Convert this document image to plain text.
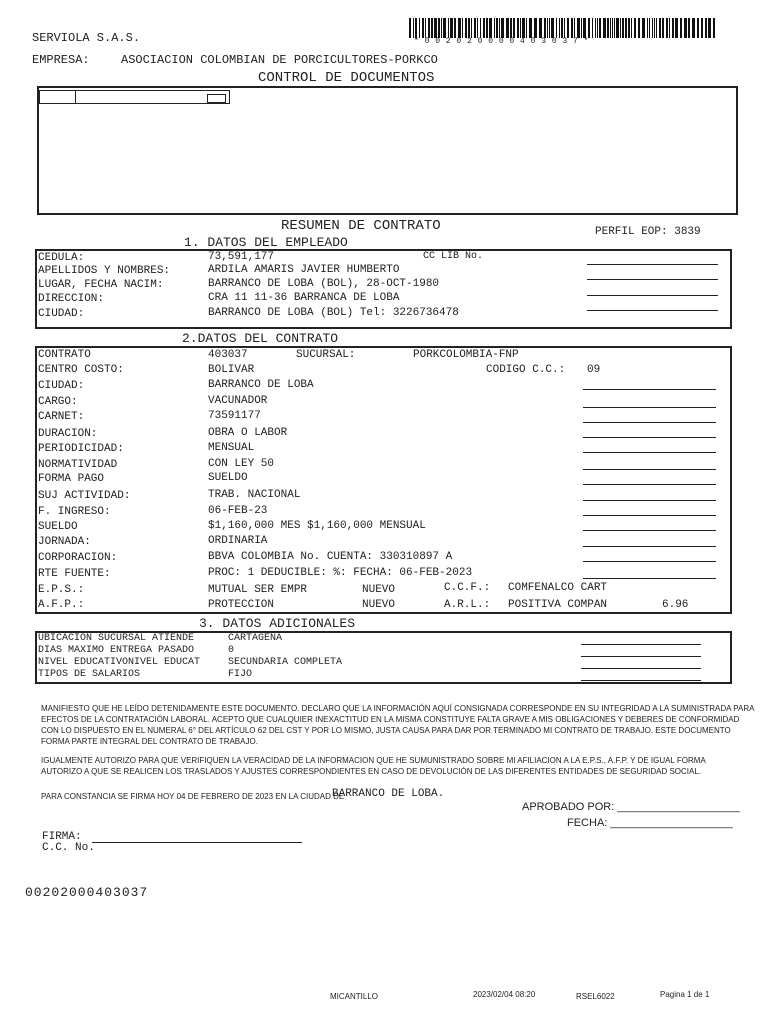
SERVIOLA S.A.S.
EMPRESA:	ASOCIACION COLOMBIAN DE PORCICULTORES-PORKCO
CONTROL DE DOCUMENTOS
* 0 0 2 0 2 0 0 0 0 4 0 3 0 3 7 *
RESUMEN DE CONTRATO	PERFIL EOP: 3839
1. DATOS DEL EMPLEADO
CEDULA:	73,591,177
APELLIDOS Y NOMBRES:	ARDILA AMARIS JAVIER HUMBERTO
LUGAR, FECHA NACIM:	BARRANCO DE LOBA (BOL), 28-OCT-1980
DIRECCION:	CRA 11 11-36 BARRANCA DE LOBA
CIUDAD:	BARRANCO DE LOBA (BOL) Tel: 3226736478
CC LIB No.
2.DATOS DEL CONTRATO
CONTRATO	403037	SUCURSAL:	PORKCOLOMBIA-FNP
CENTRO COSTO:	BOLIVAR	CODIGO C.C.: 09
CIUDAD:	BARRANCO DE LOBA
CARGO:	VACUNADOR
CARNET:	73591177
DURACION:	OBRA O LABOR
PERIODICIDAD:	MENSUAL
NORMATIVIDAD	CON LEY 50
FORMA PAGO	SUELDO
SUJ ACTIVIDAD:	TRAB. NACIONAL
F. INGRESO:	06-FEB-23
SUELDO	$1,160,000 MES $1,160,000 MENSUAL
JORNADA:	ORDINARIA
CORPORACION:	BBVA COLOMBIA No. CUENTA: 330310897 A
RTE FUENTE:	PROC: 1 DEDUCIBLE: %: FECHA: 06-FEB-2023
E.P.S.:	MUTUAL SER EMPR	NUEVO	C.C.F.: COMFENALCO CART
A.F.P.:	PROTECCION	NUEVO	A.R.L.: POSITIVA COMPAN	6.96
3. DATOS ADICIONALES
UBICACION SUCURSAL ATIENDE	CARTAGENA
DIAS MAXIMO ENTREGA PASADO	0
NIVEL EDUCATIVONIVEL EDUCAT	SECUNDARIA COMPLETA
TIPOS DE SALARIOS	FIJO
MANIFIESTO QUE HE LEÍDO DETENIDAMENTE ESTE DOCUMENTO. DECLARO QUE LA INFORMACIÓN AQUÍ CONSIGNADA CORRESPONDE EN SU INTEGRIDAD A LA SUMINISTRADA PARA
EFECTOS DE LA CONTRATACIÓN LABORAL. ACEPTO QUE CUALQUIER INEXACTITUD EN LA MISMA CONSTITUYE FALTA GRAVE A MIS OBLIGACIONES Y DEBERES DE CONFORMIDAD
CON LO DISPUESTO EN EL NUMERAL 6° DEL ARTÍCULO 62 DEL CST Y POR LO MISMO, JUSTA CAUSA PARA DAR POR TERMINADO MI CONTRATO DE TRABAJO. ESTE DOCUMENTO
FORMA PARTE INTEGRAL DEL CONTRATO DE TRABAJO.
IGUALMENTE AUTORIZO PARA QUE VERIFIQUEN LA VERACIDAD DE LA INFORMACION QUE HE SUMUNISTRADO SOBRE MI AFILIACION A LA E.P.S., A.F.P. Y DE IGUAL FORMA
AUTORIZO A QUE SE REALICEN LOS TRASLADOS Y AJUSTES CORRESPONDIENTES EN CASO DE DEVOLUCIÓN DE LAS DIFERENTES ENTIDADES DE SEGURIDAD SOCIAL.
PARA CONSTANCIA SE FIRMA HOY 04 DE FEBRERO DE 2023 EN LA CIUDAD DE
BARRANCO DE LOBA.
APROBADO POR: ____________________
FECHA: ____________________
FIRMA:
C.C. No.
00202000403037
MICANTILLO	2023/02/04 08:20	RSEL6022	Pagina 1 de 1
